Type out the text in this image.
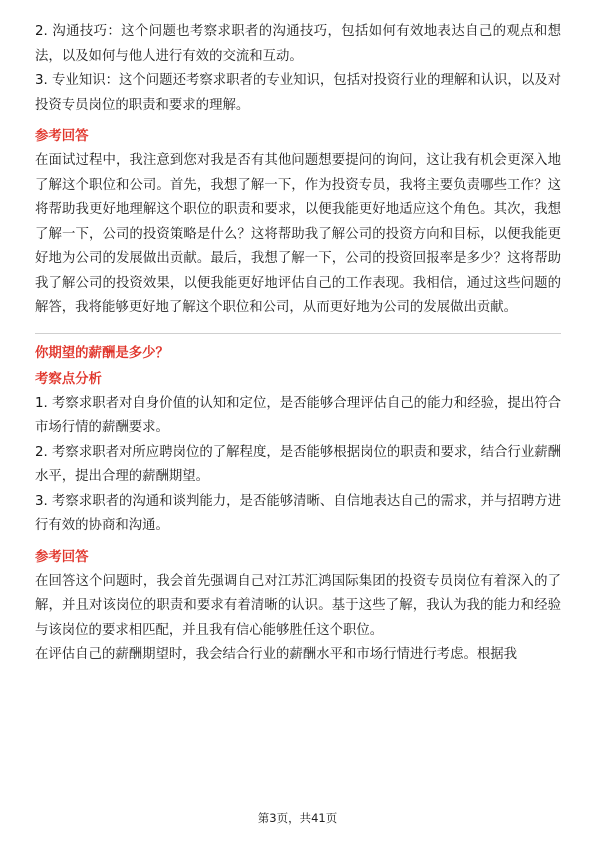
2. 沟通技巧：这个问题也考察求职者的沟通技巧，包括如何有效地表达自己的观点和想法，以及如何与他人进行有效的交流和互动。

3. 专业知识：这个问题还考察求职者的专业知识，包括对投资行业的理解和认识，以及对投资专员岗位的职责和要求的理解。

参考回答

在面试过程中，我注意到您对我是否有其他问题想要提问的询问，这让我有机会更深入地了解这个职位和公司。首先，我想了解一下，作为投资专员，我将主要负责哪些工作？这将帮助我更好地理解这个职位的职责和要求，以便我能更好地适应这个角色。其次，我想了解一下，公司的投资策略是什么？这将帮助我了解公司的投资方向和目标，以便我能更好地为公司的发展做出贡献。最后，我想了解一下，公司的投资回报率是多少？这将帮助我了解公司的投资效果，以便我能更好地评估自己的工作表现。我相信，通过这些问题的解答，我将能够更好地了解这个职位和公司，从而更好地为公司的发展做出贡献。

你期望的薪酬是多少？
考察点分析

1. 考察求职者对自身价值的认知和定位，是否能够合理评估自己的能力和经验，提出符合市场行情的薪酬要求。

2. 考察求职者对所应聘岗位的了解程度，是否能够根据岗位的职责和要求，结合行业薪酬水平，提出合理的薪酬期望。

3. 考察求职者的沟通和谈判能力，是否能够清晰、自信地表达自己的需求，并与招聘方进行有效的协商和沟通。

参考回答

在回答这个问题时，我会首先强调自己对江苏汇鸿国际集团的投资专员岗位有着深入的了解，并且对该岗位的职责和要求有着清晰的认识。基于这些了解，我认为我的能力和经验与该岗位的要求相匹配，并且我有信心能够胜任这个职位。

在评估自己的薪酬期望时，我会结合行业的薪酬水平和市场行情进行考虑。根据我

第3页，共41页
